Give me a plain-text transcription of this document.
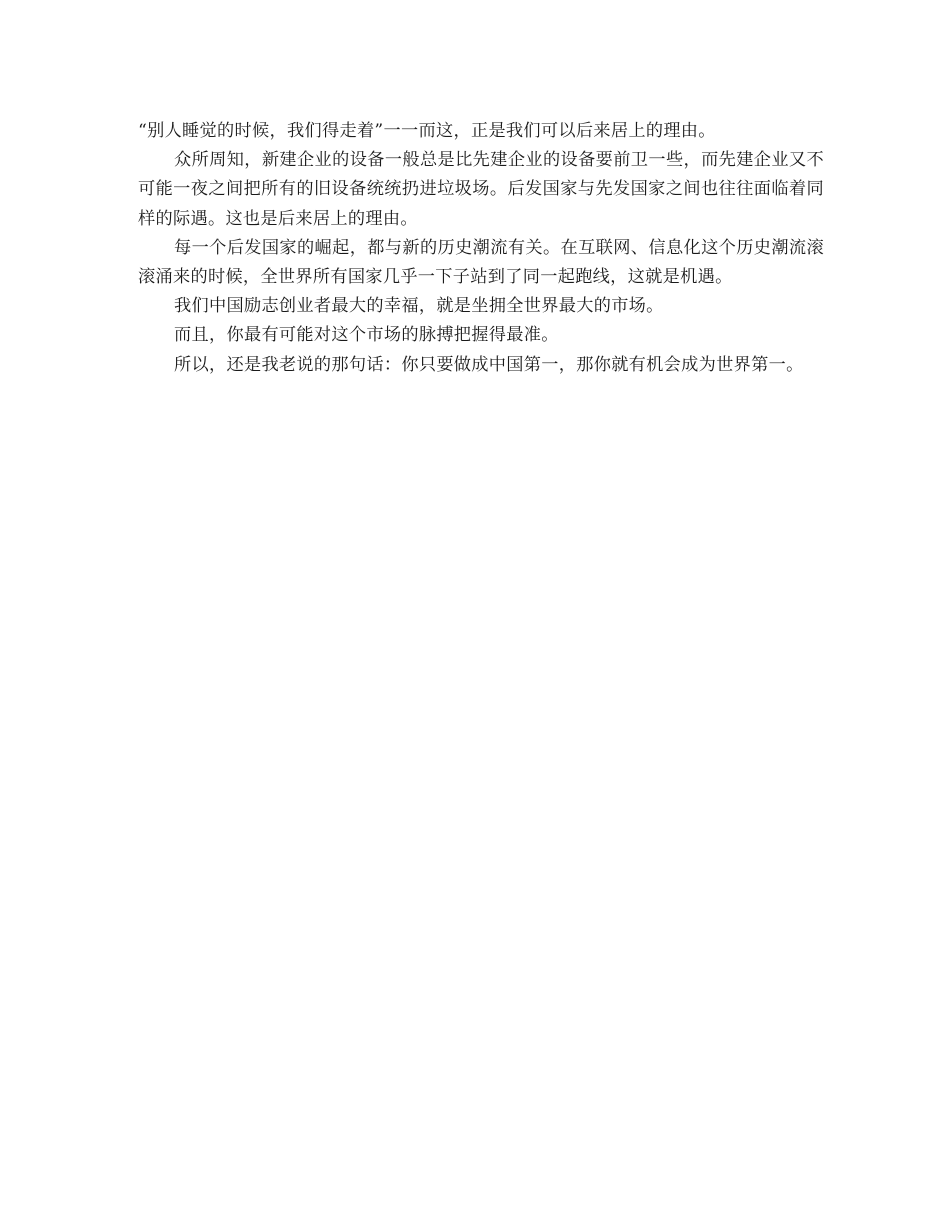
“别人睡觉的时候，我们得走着”一一而这，正是我们可以后来居上的理由。

众所周知，新建企业的设备一般总是比先建企业的设备要前卫一些，而先建企业又不可能一夜之间把所有的旧设备统统扔进垃圾场。后发国家与先发国家之间也往往面临着同样的际遇。这也是后来居上的理由。

每一个后发国家的崛起，都与新的历史潮流有关。在互联网、信息化这个历史潮流滚滚涌来的时候，全世界所有国家几乎一下子站到了同一起跑线，这就是机遇。

我们中国励志创业者最大的幸福，就是坐拥全世界最大的市场。

而且，你最有可能对这个市场的脉搏把握得最准。

所以，还是我老说的那句话：你只要做成中国第一，那你就有机会成为世界第一。
